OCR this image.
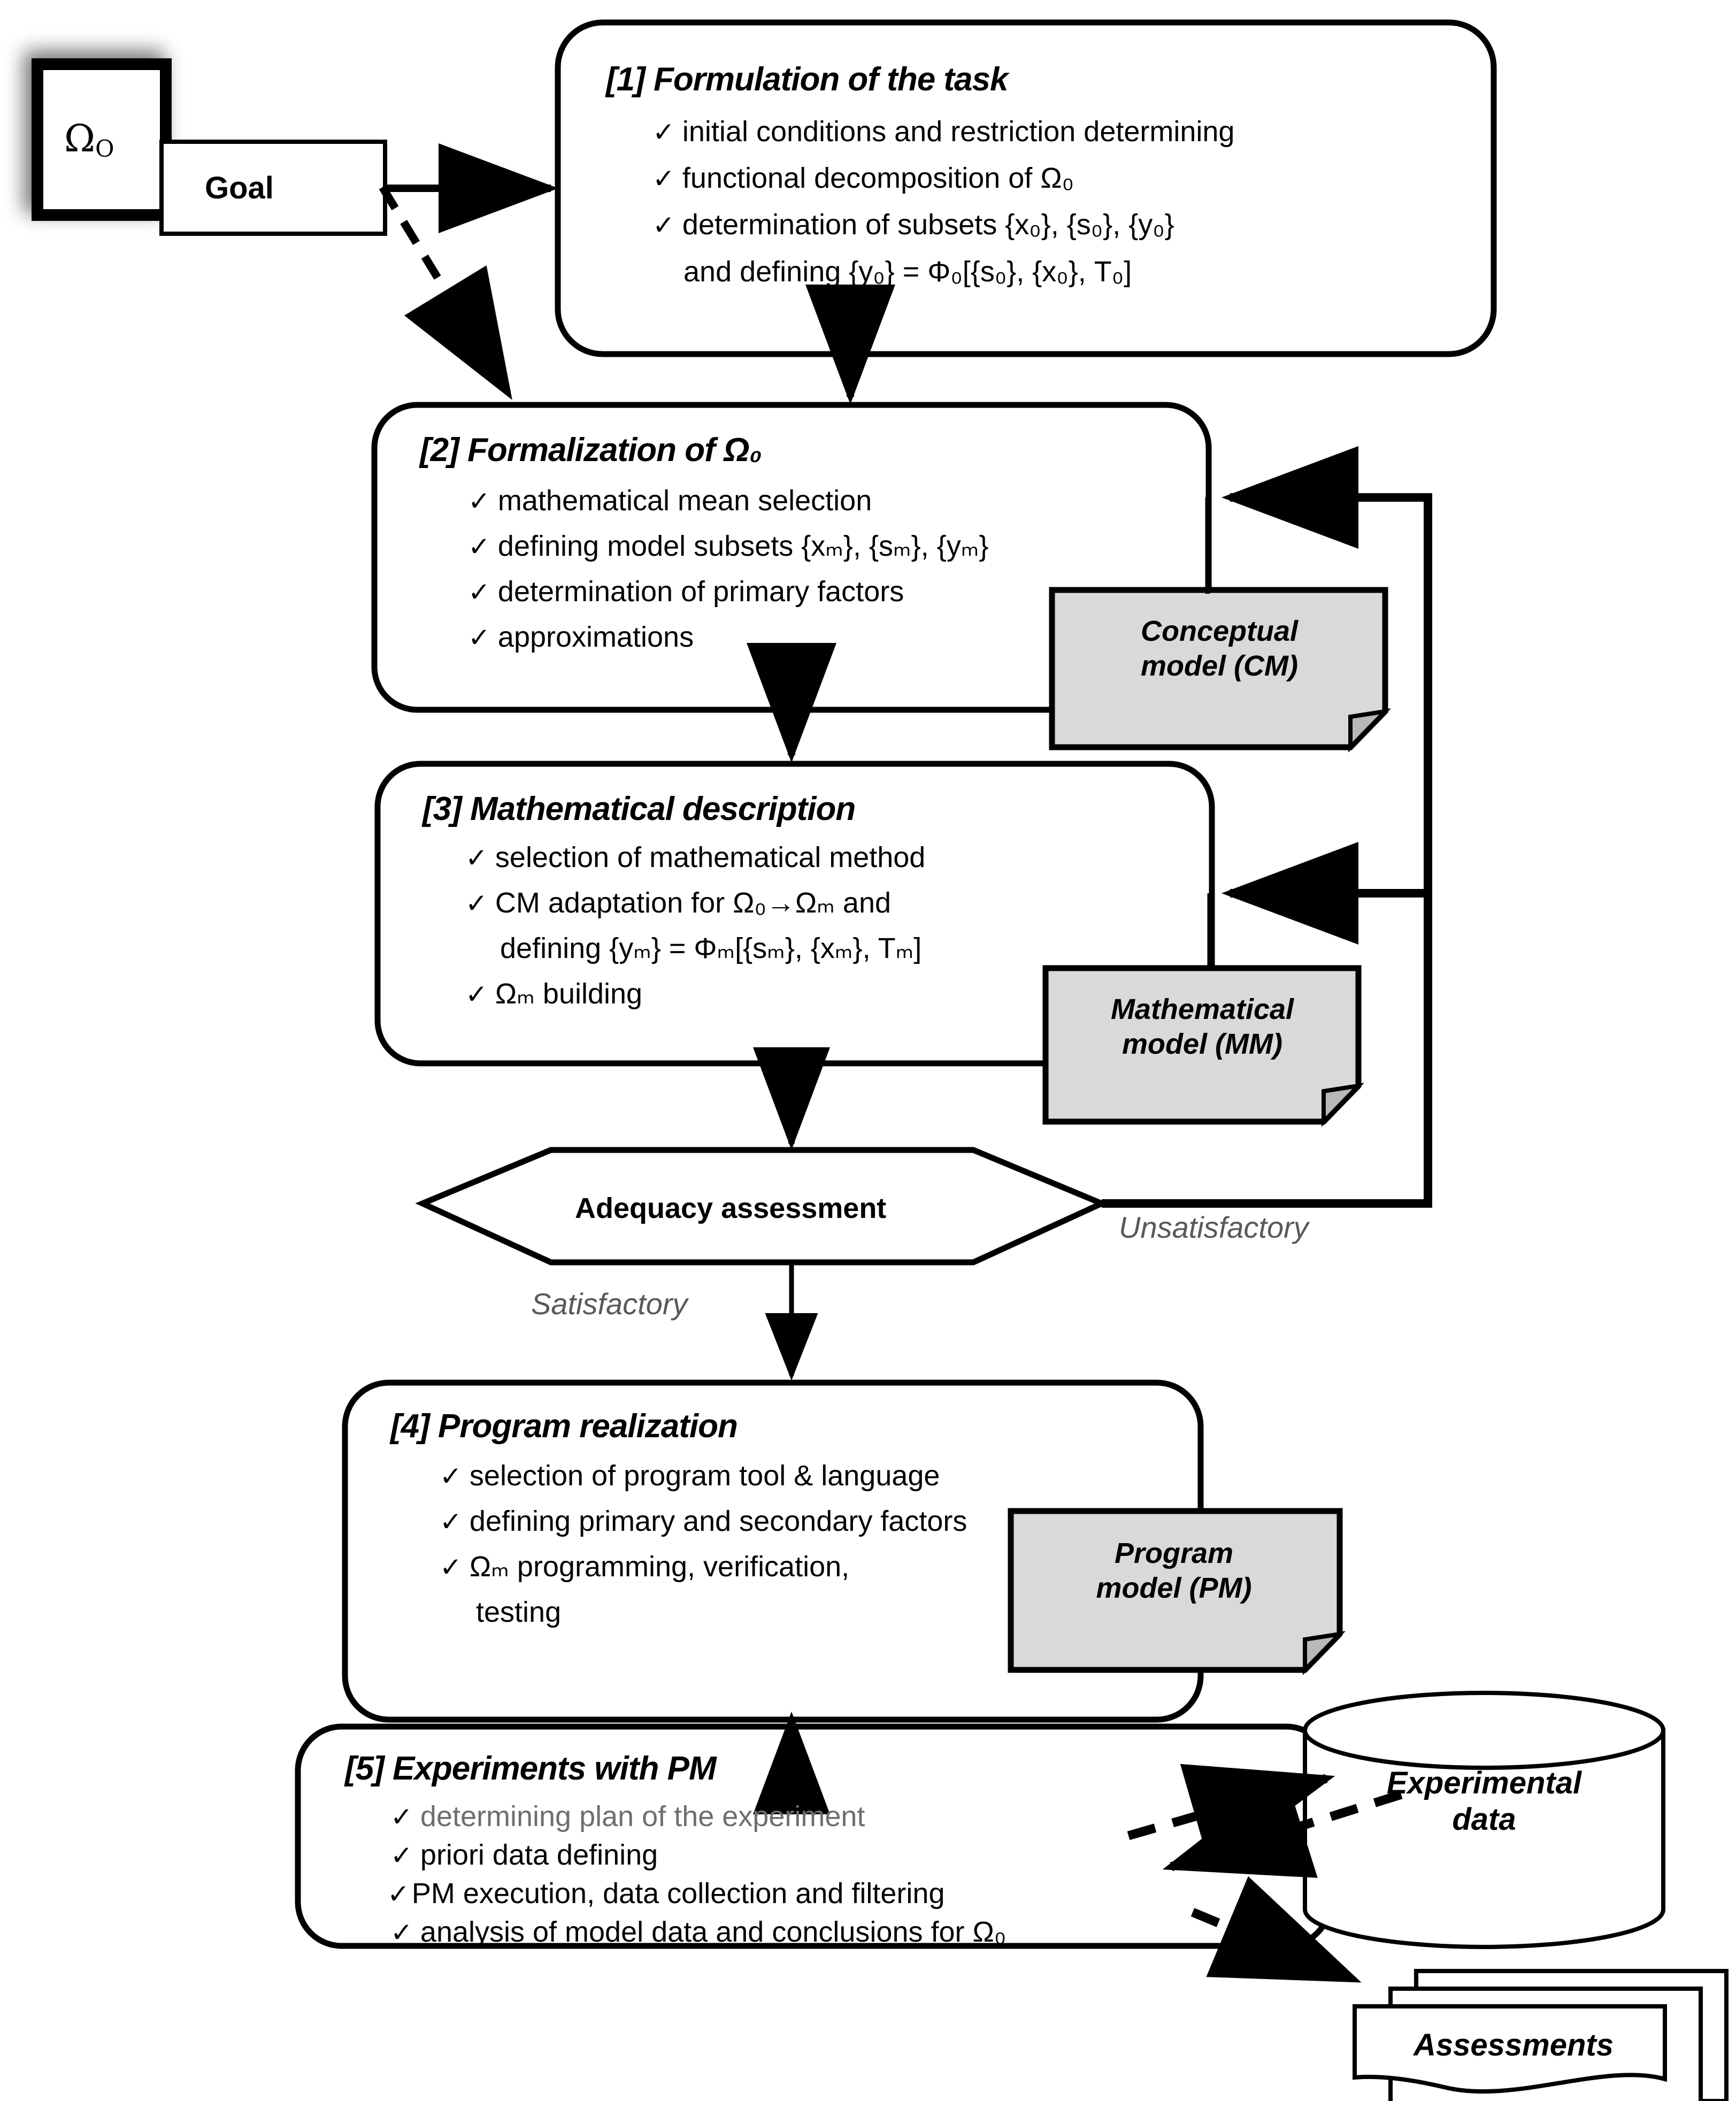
$\Omega_O$
Goal
[1] Formulation of the task
✓ initial conditions and restriction determining
✓ functional decomposition of Ω₀
✓ determination of subsets {x₀}, {s₀}, {y₀}
and defining {y₀} = Φ₀[{s₀}, {x₀}, T₀]
[2] Formalization of Ω₀
✓ mathematical mean selection
✓ defining model subsets {xₘ}, {sₘ}, {yₘ}
✓ determination of primary factors
✓ approximations
[3] Mathematical description
✓ selection of mathematical method
✓ CM adaptation for Ω₀→Ωₘ and
defining {yₘ} = Φₘ[{sₘ}, {xₘ}, Tₘ]
✓ Ωₘ building
Adequacy assessment
Unsatisfactory
Satisfactory
[4] Program realization
✓ selection of program tool & language
✓ defining primary and secondary factors
✓ Ωₘ programming, verification,
testing
[5] Experiments with PM
✓ determining plan of the experiment
✓ priori data defining
✓PM execution, data collection and filtering
✓ analysis of model data and conclusions for Ω₀
Conceptual
model (CM)
Mathematical
model (MM)
Program
model (PM)
Experimental
data
Assessments
